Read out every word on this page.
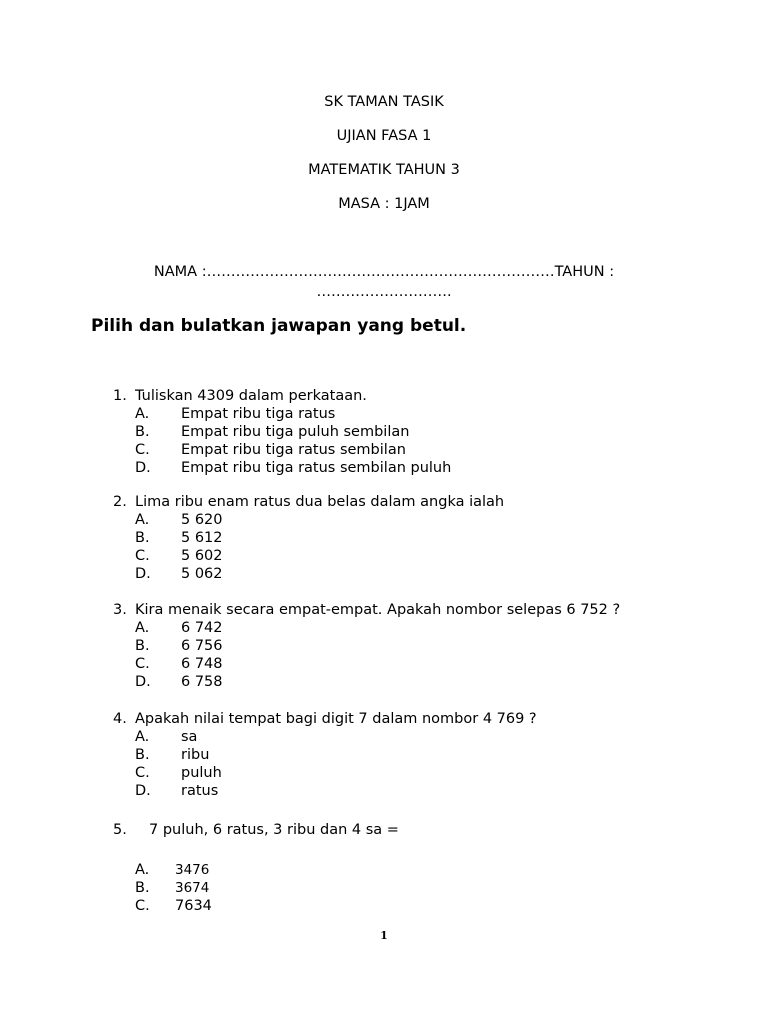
SK TAMAN TASIK
UJIAN FASA 1
MATEMATIK TAHUN 3
MASA : 1JAM
NAMA :………………………………………………………………TAHUN :
……………………….
Pilih dan bulatkan jawapan yang betul.
1. Tuliskan 4309 dalam perkataan.
A. Empat ribu tiga ratus
B. Empat ribu tiga puluh sembilan
C. Empat ribu tiga ratus sembilan
D. Empat ribu tiga ratus sembilan puluh
2. Lima ribu enam ratus dua belas dalam angka ialah
A. 5 620
B. 5 612
C. 5 602
D. 5 062
3. Kira menaik secara empat-empat. Apakah nombor selepas 6 752 ?
A. 6 742
B. 6 756
C. 6 748
D. 6 758
4. Apakah nilai tempat bagi digit 7 dalam nombor 4 769 ?
A. sa
B. ribu
C. puluh
D. ratus
5. 7 puluh, 6 ratus, 3 ribu dan 4 sa =
A. 3476
B. 3674
C. 7634
1
